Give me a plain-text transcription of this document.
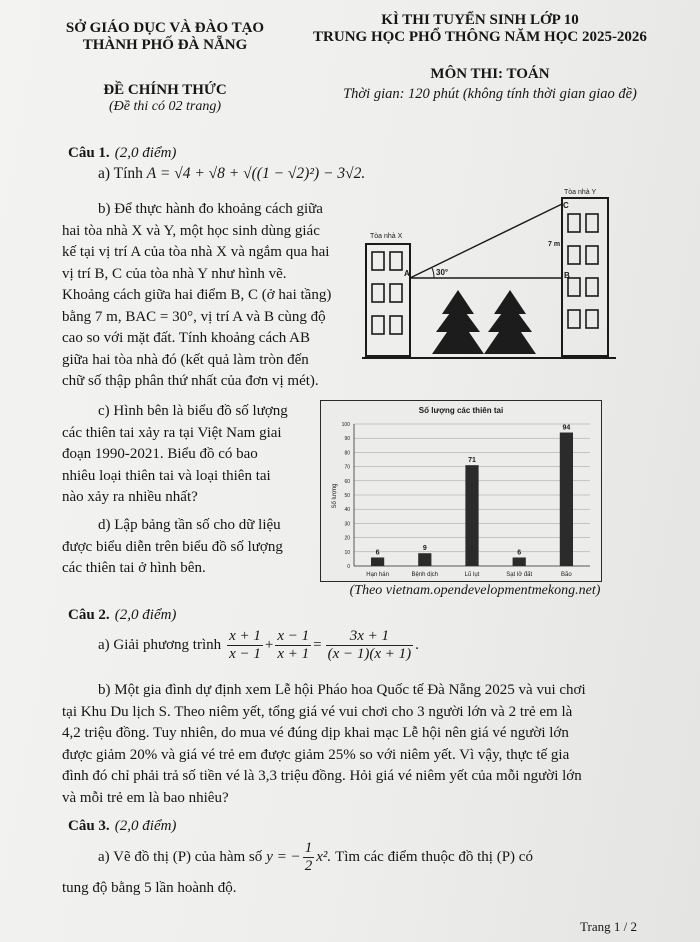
SỞ GIÁO DỤC VÀ ĐÀO TẠO
THÀNH PHỐ ĐÀ NẴNG
KÌ THI TUYỂN SINH LỚP 10
TRUNG HỌC PHỔ THÔNG NĂM HỌC 2025-2026
ĐỀ CHÍNH THỨC
(Đề thi có 02 trang)
MÔN THI: TOÁN
Thời gian: 120 phút (không tính thời gian giao đề)
Câu 1. (2,0 điểm)
a) Tính A = √4 + √8 + √((1 − √2)²) − 3√2.
b) Để thực hành đo khoảng cách giữa
hai tòa nhà X và Y, một học sinh dùng giác
kế tại vị trí A của tòa nhà X và ngắm qua hai
vị trí B, C của tòa nhà Y như hình vẽ.
Khoảng cách giữa hai điểm B, C (ở hai tầng)
bằng 7 m, BAC = 30°, vị trí A và B cùng độ
cao so với mặt đất. Tính khoảng cách AB
giữa hai tòa nhà đó (kết quả làm tròn đến
chữ số thập phân thứ nhất của đơn vị mét).
Tòa nhà X
Tòa nhà Y
30°
A	B
C
7 m
c) Hình bên là biểu đồ số lượng
các thiên tai xảy ra tại Việt Nam giai
đoạn 1990-2021. Biểu đồ có bao
nhiêu loại thiên tai và loại thiên tai
nào xảy ra nhiều nhất?
d) Lập bảng tần số cho dữ liệu
được biểu diễn trên biểu đồ số lượng
các thiên tai ở hình bên.
Số lượng các thiên tai
Số lượng
0
10
20
30
40
50
60
70
80
90
100
6
9
71
6
94
Hạn hán	Bệnh dịch	Lũ lụt	Sạt lở đất	Bão
(Theo vietnam.opendevelopmentmekong.net)
Câu 2. (2,0 điểm)
a) Giải phương trình $\frac{x + 1}{x - 1} + \frac{x - 1}{x + 1} = \frac{3x + 1}{(x - 1)(x + 1)}$ .
b) Một gia đình dự định xem Lễ hội Pháo hoa Quốc tế Đà Nẵng 2025 và vui chơi
tại Khu Du lịch S. Theo niêm yết, tổng giá vé vui chơi cho 3 người lớn và 2 trẻ em là
4,2 triệu đồng. Tuy nhiên, do mua vé đúng dịp khai mạc Lễ hội nên giá vé người lớn
được giảm 20% và giá vé trẻ em được giảm 25% so với niêm yết. Vì vậy, thực tế gia
đình đó chỉ phải trả số tiền vé là 3,3 triệu đồng. Hỏi giá vé niêm yết của mỗi người lớn
và mỗi trẻ em là bao nhiêu?
Câu 3. (2,0 điểm)
a) Vẽ đồ thị (P) của hàm số y = − $\frac{1}{2} x^2$. Tìm các điểm thuộc đồ thị (P) có
tung độ bằng 5 lần hoành độ.
Trang 1 / 2
